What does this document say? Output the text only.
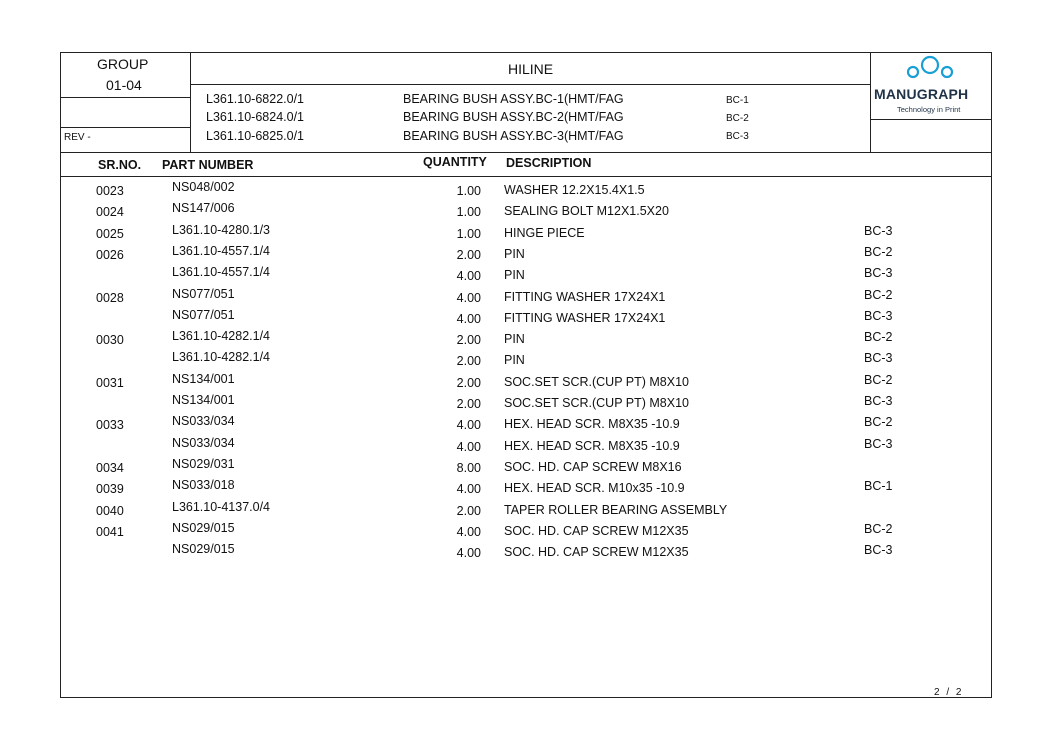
GROUP
01-04
REV -
HILINE
L361.10-6822.0/1	BEARING BUSH ASSY.BC-1(HMT/FAG	BC-1
L361.10-6824.0/1	BEARING BUSH ASSY.BC-2(HMT/FAG	BC-2
L361.10-6825.0/1	BEARING BUSH ASSY.BC-3(HMT/FAG	BC-3
MANUGRAPH
Technology in Print
SR.NO. PART NUMBER	QUANTITY DESCRIPTION
0023	NS048/002	1.00 WASHER 12.2X15.4X1.5
0024	NS147/006	1.00 SEALING BOLT M12X1.5X20
0025	L361.10-4280.1/3	1.00 HINGE PIECE	BC-3
0026	L361.10-4557.1/4	2.00 PIN	BC-2
L361.10-4557.1/4	4.00 PIN	BC-3
0028	NS077/051	4.00 FITTING WASHER 17X24X1	BC-2
NS077/051	4.00 FITTING WASHER 17X24X1	BC-3
0030	L361.10-4282.1/4	2.00 PIN	BC-2
L361.10-4282.1/4	2.00 PIN	BC-3
0031	NS134/001	2.00 SOC.SET SCR.(CUP PT) M8X10	BC-2
NS134/001	2.00 SOC.SET SCR.(CUP PT) M8X10	BC-3
0033	NS033/034	4.00 HEX. HEAD SCR. M8X35 -10.9	BC-2
NS033/034	4.00 HEX. HEAD SCR. M8X35 -10.9	BC-3
0034	NS029/031	8.00 SOC. HD. CAP SCREW M8X16
0039	NS033/018	4.00 HEX. HEAD SCR. M10x35 -10.9	BC-1
0040	L361.10-4137.0/4	2.00 TAPER ROLLER BEARING ASSEMBLY
0041	NS029/015	4.00 SOC. HD. CAP SCREW M12X35	BC-2
NS029/015	4.00 SOC. HD. CAP SCREW M12X35	BC-3
2 / 2
